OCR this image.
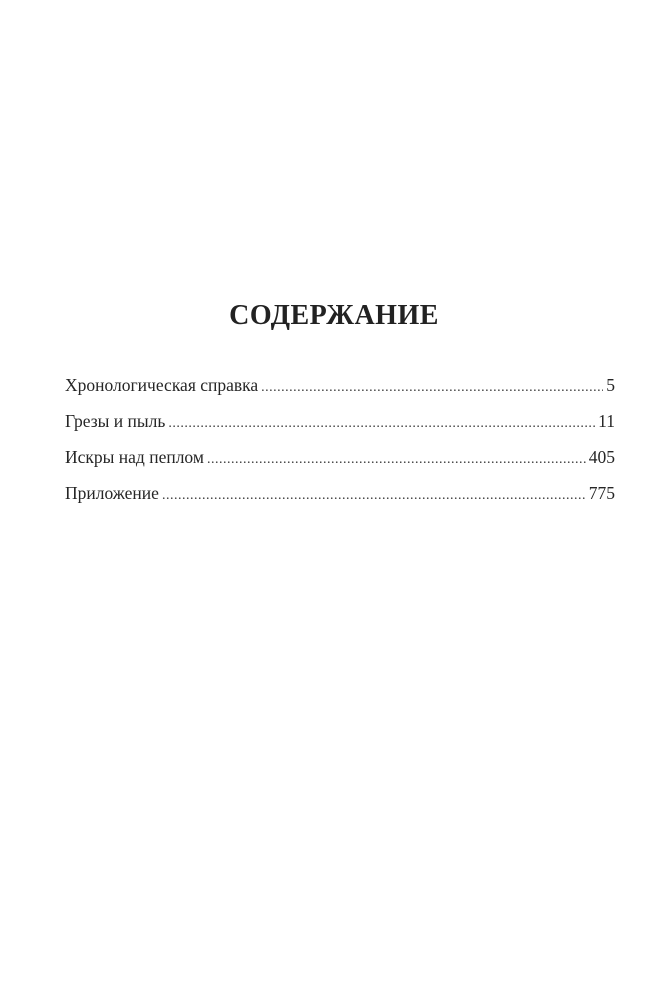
СОДЕРЖАНИЕ
Хронологическая справка .....	5
Грезы и пыль .....	11
Искры над пеплом .....	405
Приложение .....	775
